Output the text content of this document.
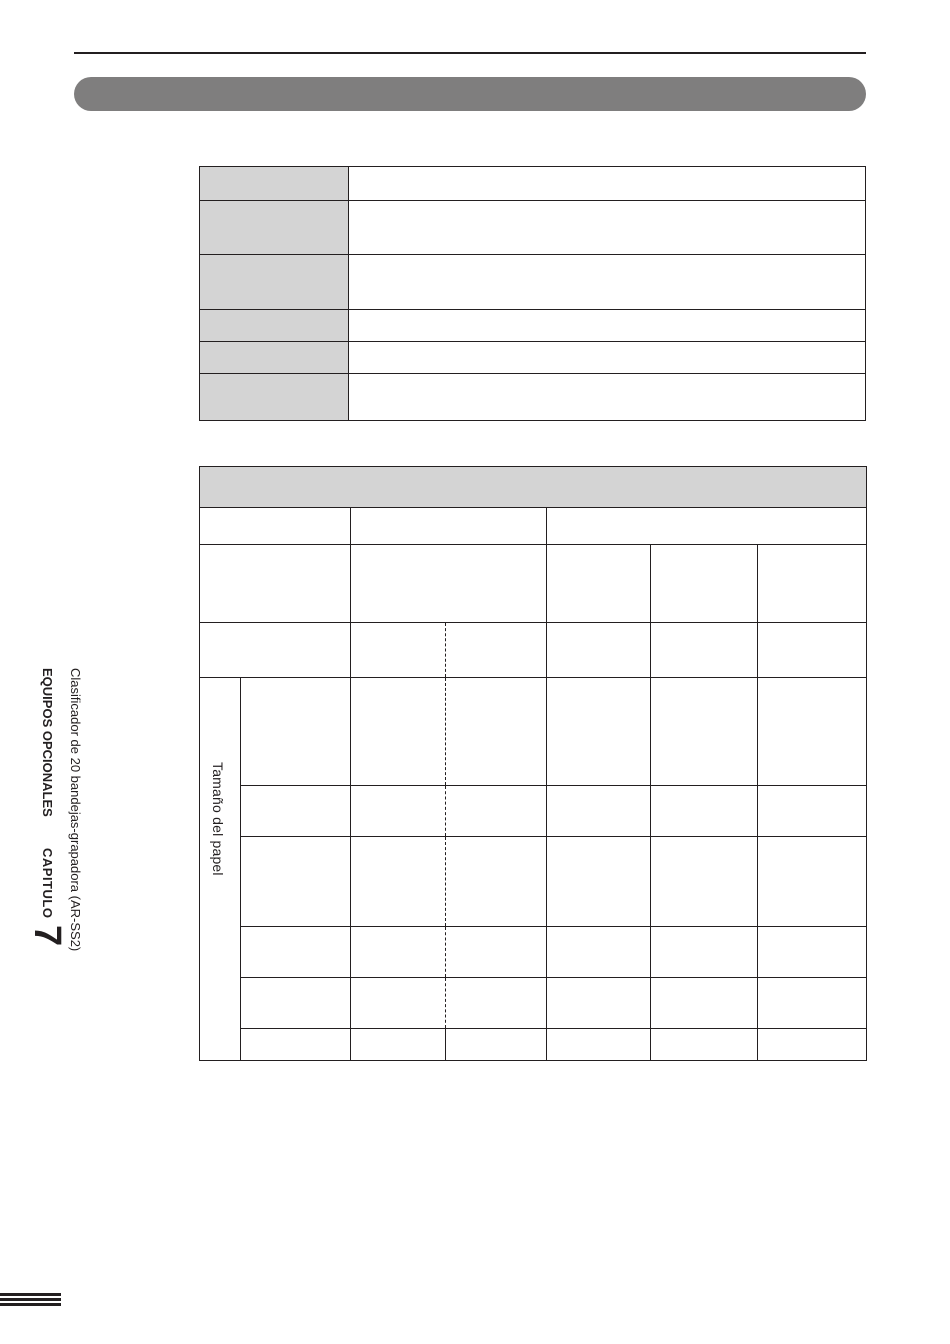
Tamaño del papel						

Clasificador de 20 bandejas-grapadora (AR-SS2)
EQUIPOS OPCIONALES CAPITULO 7
